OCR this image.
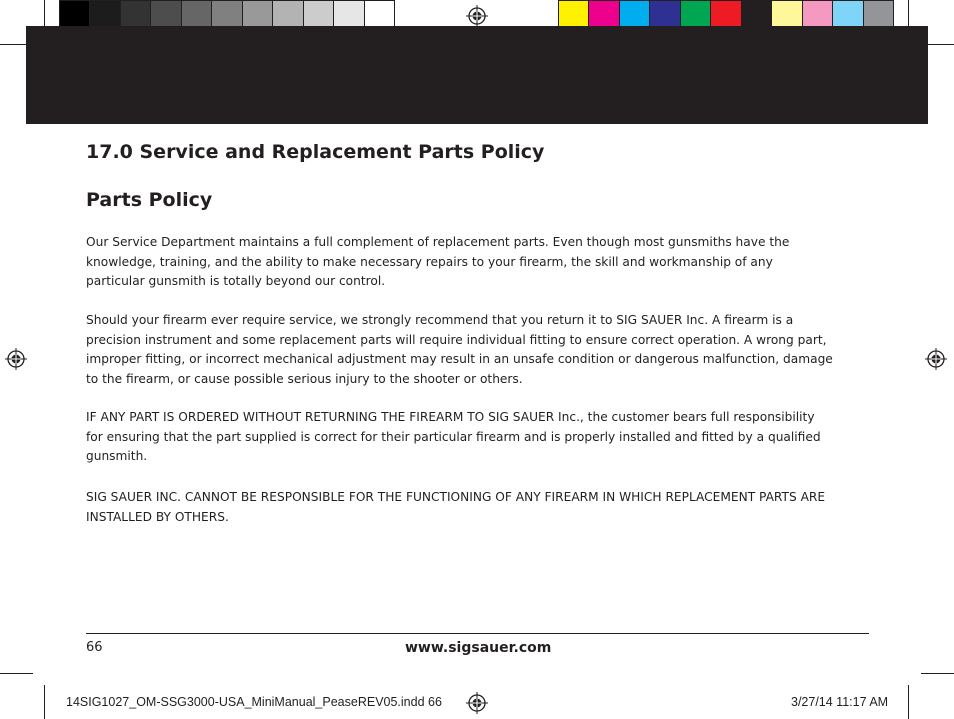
17.0 Service and Replacement Parts Policy
Parts Policy
Our Service Department maintains a full complement of replacement parts. Even though most gunsmiths have the
knowledge, training, and the ability to make necessary repairs to your firearm, the skill and workmanship of any
particular gunsmith is totally beyond our control.
Should your firearm ever require service, we strongly recommend that you return it to SIG SAUER Inc. A firearm is a
precision instrument and some replacement parts will require individual fitting to ensure correct operation. A wrong part,
improper fitting, or incorrect mechanical adjustment may result in an unsafe condition or dangerous malfunction, damage
to the firearm, or cause possible serious injury to the shooter or others.
IF ANY PART IS ORDERED WITHOUT RETURNING THE FIREARM TO SIG SAUER Inc., the customer bears full responsibility
for ensuring that the part supplied is correct for their particular firearm and is properly installed and fitted by a qualified
gunsmith.
SIG SAUER INC. CANNOT BE RESPONSIBLE FOR THE FUNCTIONING OF ANY FIREARM IN WHICH REPLACEMENT PARTS ARE
INSTALLED BY OTHERS.
66	www.sigsauer.com
14SIG1027_OM-SSG3000-USA_MiniManual_PeaseREV05.indd 66	3/27/14 11:17 AM
